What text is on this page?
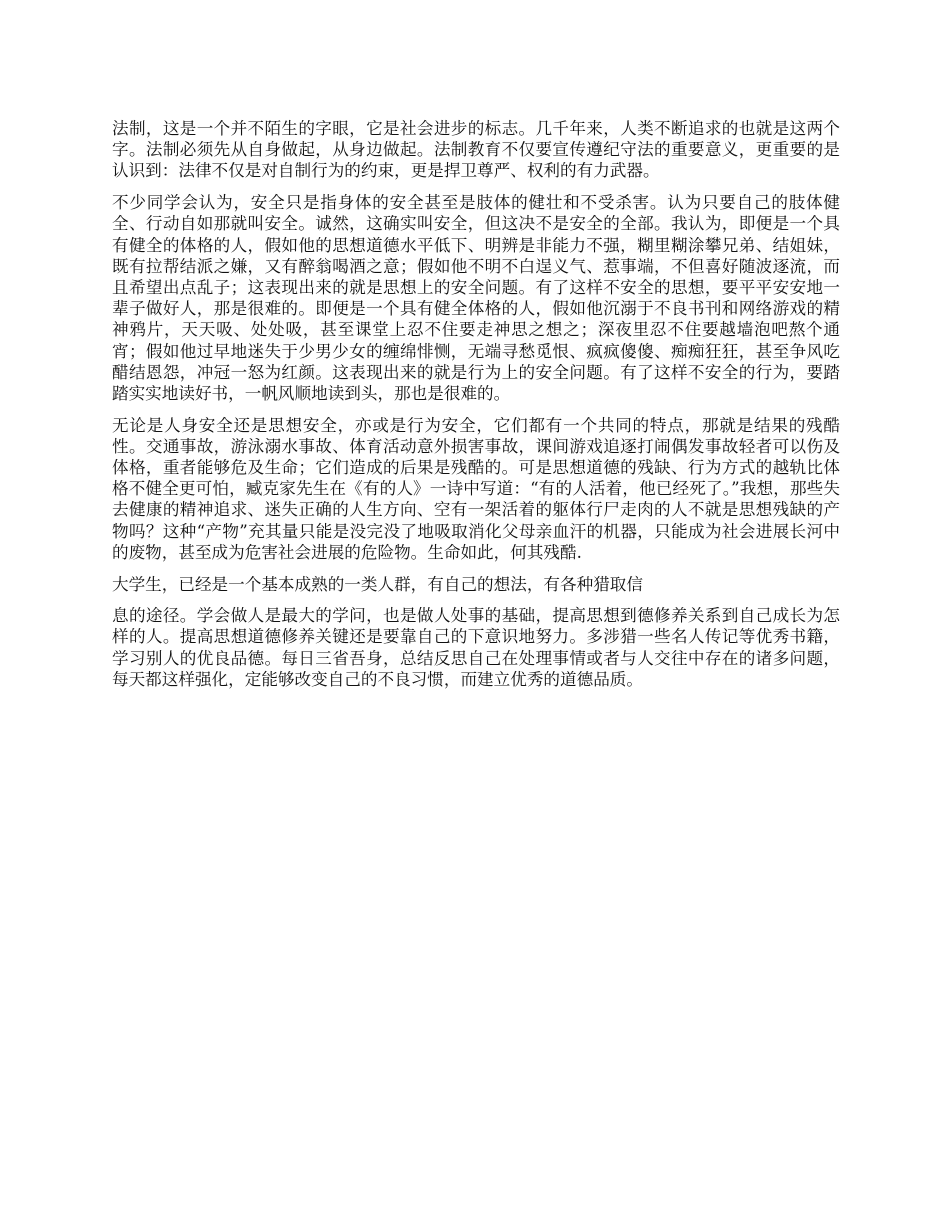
法制，这是一个并不陌生的字眼，它是社会进步的标志。几千年来，人类不断追求的也就是这两个字。法制必须先从自身做起，从身边做起。法制教育不仅要宣传遵纪守法的重要意义，更重要的是认识到：法律不仅是对自制行为的约束，更是捍卫尊严、权利的有力武器。

不少同学会认为，安全只是指身体的安全甚至是肢体的健壮和不受杀害。认为只要自己的肢体健全、行动自如那就叫安全。诚然，这确实叫安全，但这决不是安全的全部。我认为，即便是一个具有健全的体格的人，假如他的思想道德水平低下、明辨是非能力不强，糊里糊涂攀兄弟、结姐妹，既有拉帮结派之嫌，又有醉翁喝酒之意；假如他不明不白逞义气、惹事端，不但喜好随波逐流，而且希望出点乱子；这表现出来的就是思想上的安全问题。有了这样不安全的思想，要平平安安地一辈子做好人，那是很难的。即便是一个具有健全体格的人，假如他沉溺于不良书刊和网络游戏的精神鸦片，天天吸、处处吸，甚至课堂上忍不住要走神思之想之；深夜里忍不住要越墙泡吧熬个通宵；假如他过早地迷失于少男少女的缠绵悱恻，无端寻愁觅恨、疯疯傻傻、痴痴狂狂，甚至争风吃醋结恩怨，冲冠一怒为红颜。这表现出来的就是行为上的安全问题。有了这样不安全的行为，要踏踏实实地读好书，一帆风顺地读到头，那也是很难的。

无论是人身安全还是思想安全，亦或是行为安全，它们都有一个共同的特点，那就是结果的残酷性。交通事故，游泳溺水事故、体育活动意外损害事故，课间游戏追逐打闹偶发事故轻者可以伤及体格，重者能够危及生命；它们造成的后果是残酷的。可是思想道德的残缺、行为方式的越轨比体格不健全更可怕，臧克家先生在《有的人》一诗中写道：“有的人活着，他已经死了。”我想，那些失去健康的精神追求、迷失正确的人生方向、空有一架活着的躯体行尸走肉的人不就是思想残缺的产物吗？这种“产物”充其量只能是没完没了地吸取消化父母亲血汗的机器，只能成为社会进展长河中的废物，甚至成为危害社会进展的危险物。生命如此，何其残酷.

大学生，已经是一个基本成熟的一类人群，有自己的想法，有各种猎取信

息的途径。学会做人是最大的学问，也是做人处事的基础，提高思想到德修养关系到自己成长为怎样的人。提高思想道德修养关键还是要靠自己的下意识地努力。多涉猎一些名人传记等优秀书籍，学习别人的优良品德。每日三省吾身，总结反思自己在处理事情或者与人交往中存在的诸多问题，每天都这样强化，定能够改变自己的不良习惯，而建立优秀的道德品质。
